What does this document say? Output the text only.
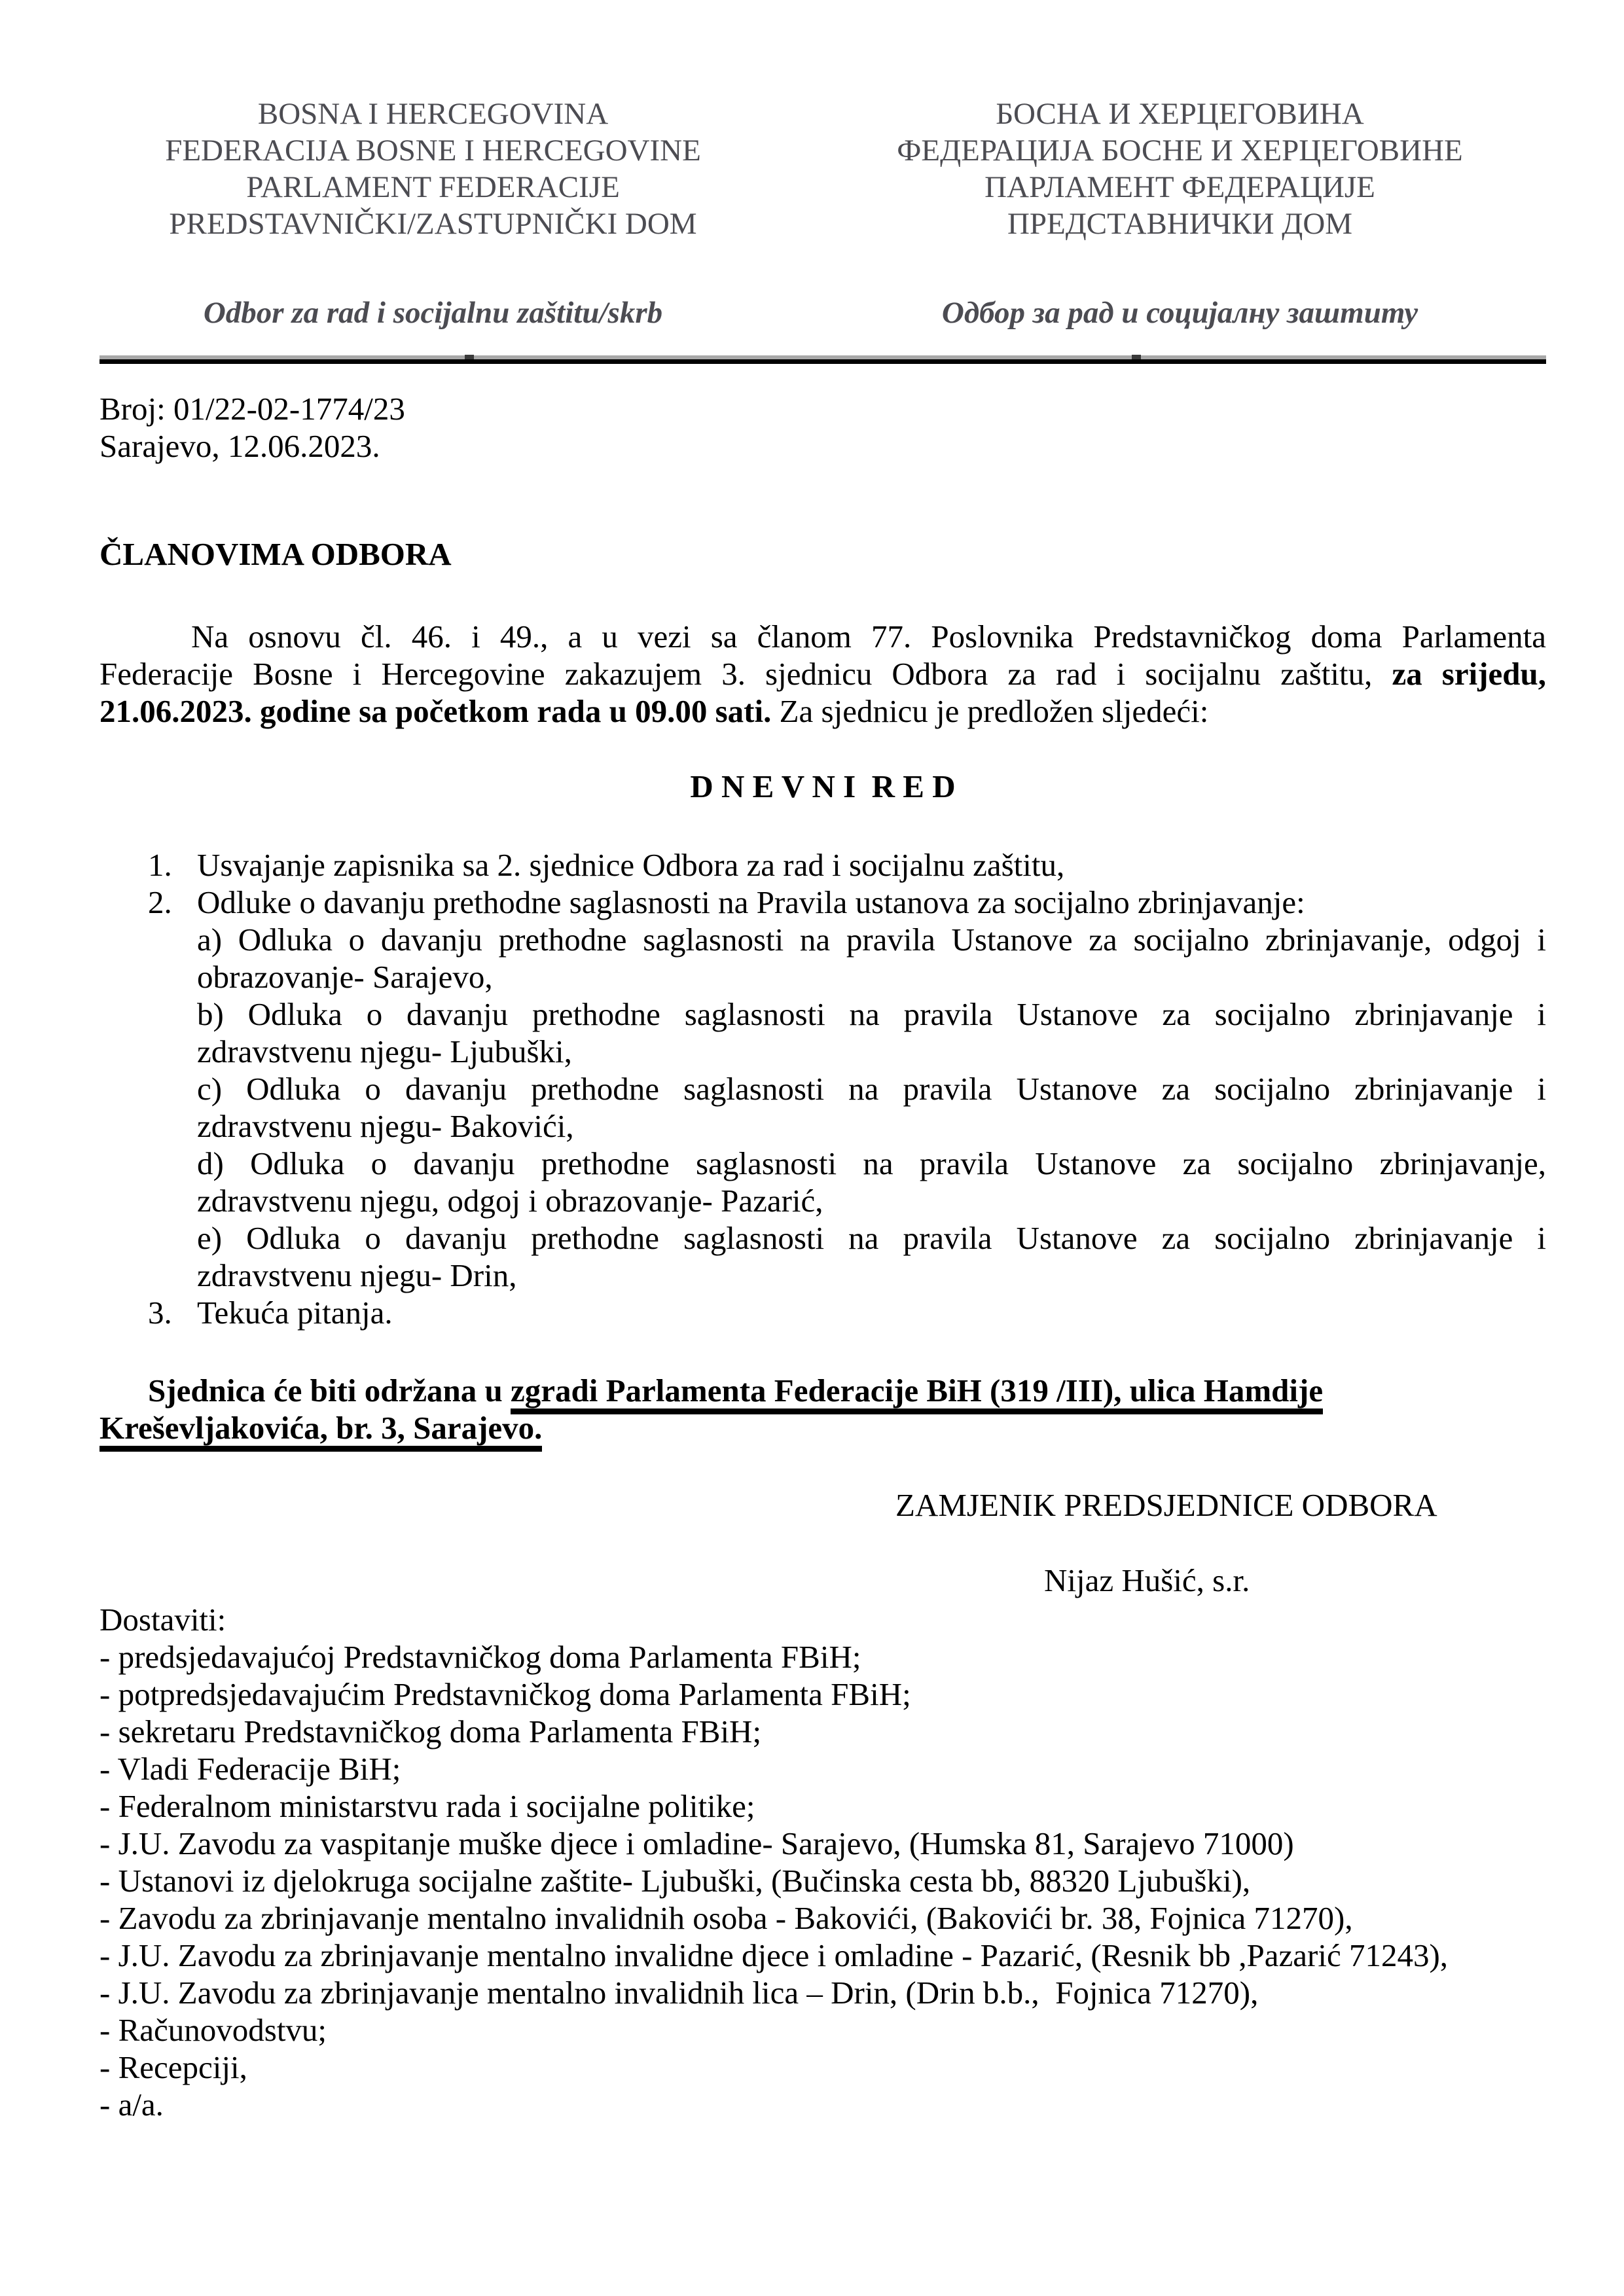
BOSNA I HERCEGOVINA
FEDERACIJA BOSNE I HERCEGOVINE
PARLAMENT FEDERACIJE
PREDSTAVNIČKI/ZASTUPNIČKI DOM
Odbor za rad i socijalnu zaštitu/skrb
БОСНА И ХЕРЦЕГОВИНА
ФЕДЕРАЦИЈА БОСНЕ И ХЕРЦЕГОВИНЕ
ПАРЛАМЕНТ ФЕДЕРАЦИЈЕ
ПРЕДСТАВНИЧКИ ДОМ
Одбор за рад и социјалну заштиту
Broj: 01/22-02-1774/23
Sarajevo, 12.06.2023.
ČLANOVIMA ODBORA
Na osnovu čl. 46. i 49., a u vezi sa članom 77. Poslovnika Predstavničkog doma Parlamenta
Federacije Bosne i Hercegovine zakazujem 3. sjednicu Odbora za rad i socijalnu zaštitu, za srijedu,
21.06.2023. godine sa početkom rada u 09.00 sati. Za sjednicu je predložen sljedeći:
D N E V N I  R E D
1. Usvajanje zapisnika sa 2. sjednice Odbora za rad i socijalnu zaštitu,
2. Odluke o davanju prethodne saglasnosti na Pravila ustanova za socijalno zbrinjavanje:
a) Odluka o davanju prethodne saglasnosti na pravila Ustanove za socijalno zbrinjavanje, odgoj i
obrazovanje- Sarajevo,
b) Odluka o davanju prethodne saglasnosti na pravila Ustanove za socijalno zbrinjavanje i
zdravstvenu njegu- Ljubuški,
c) Odluka o davanju prethodne saglasnosti na pravila Ustanove za socijalno zbrinjavanje i
zdravstvenu njegu- Bakovići,
d) Odluka o davanju prethodne saglasnosti na pravila Ustanove za socijalno zbrinjavanje,
zdravstvenu njegu, odgoj i obrazovanje- Pazarić,
e) Odluka o davanju prethodne saglasnosti na pravila Ustanove za socijalno zbrinjavanje i
zdravstvenu njegu- Drin,
3. Tekuća pitanja.
Sjednica će biti održana u zgradi Parlamenta Federacije BiH (319 /III), ulica Hamdije
Kreševljakovića, br. 3, Sarajevo.
ZAMJENIK PREDSJEDNICE ODBORA
Nijaz Hušić, s.r.
Dostaviti:
- predsjedavajućoj Predstavničkog doma Parlamenta FBiH;
- potpredsjedavajućim Predstavničkog doma Parlamenta FBiH;
- sekretaru Predstavničkog doma Parlamenta FBiH;
- Vladi Federacije BiH;
- Federalnom ministarstvu rada i socijalne politike;
- J.U. Zavodu za vaspitanje muške djece i omladine- Sarajevo, (Humska 81, Sarajevo 71000)
- Ustanovi iz djelokruga socijalne zaštite- Ljubuški, (Bučinska cesta bb, 88320 Ljubuški),
- Zavodu za zbrinjavanje mentalno invalidnih osoba - Bakovići, (Bakovići br. 38, Fojnica 71270),
- J.U. Zavodu za zbrinjavanje mentalno invalidne djece i omladine - Pazarić, (Resnik bb ,Pazarić 71243),
- J.U. Zavodu za zbrinjavanje mentalno invalidnih lica – Drin, (Drin b.b.,  Fojnica 71270),
- Računovodstvu;
- Recepciji,
- a/a.
